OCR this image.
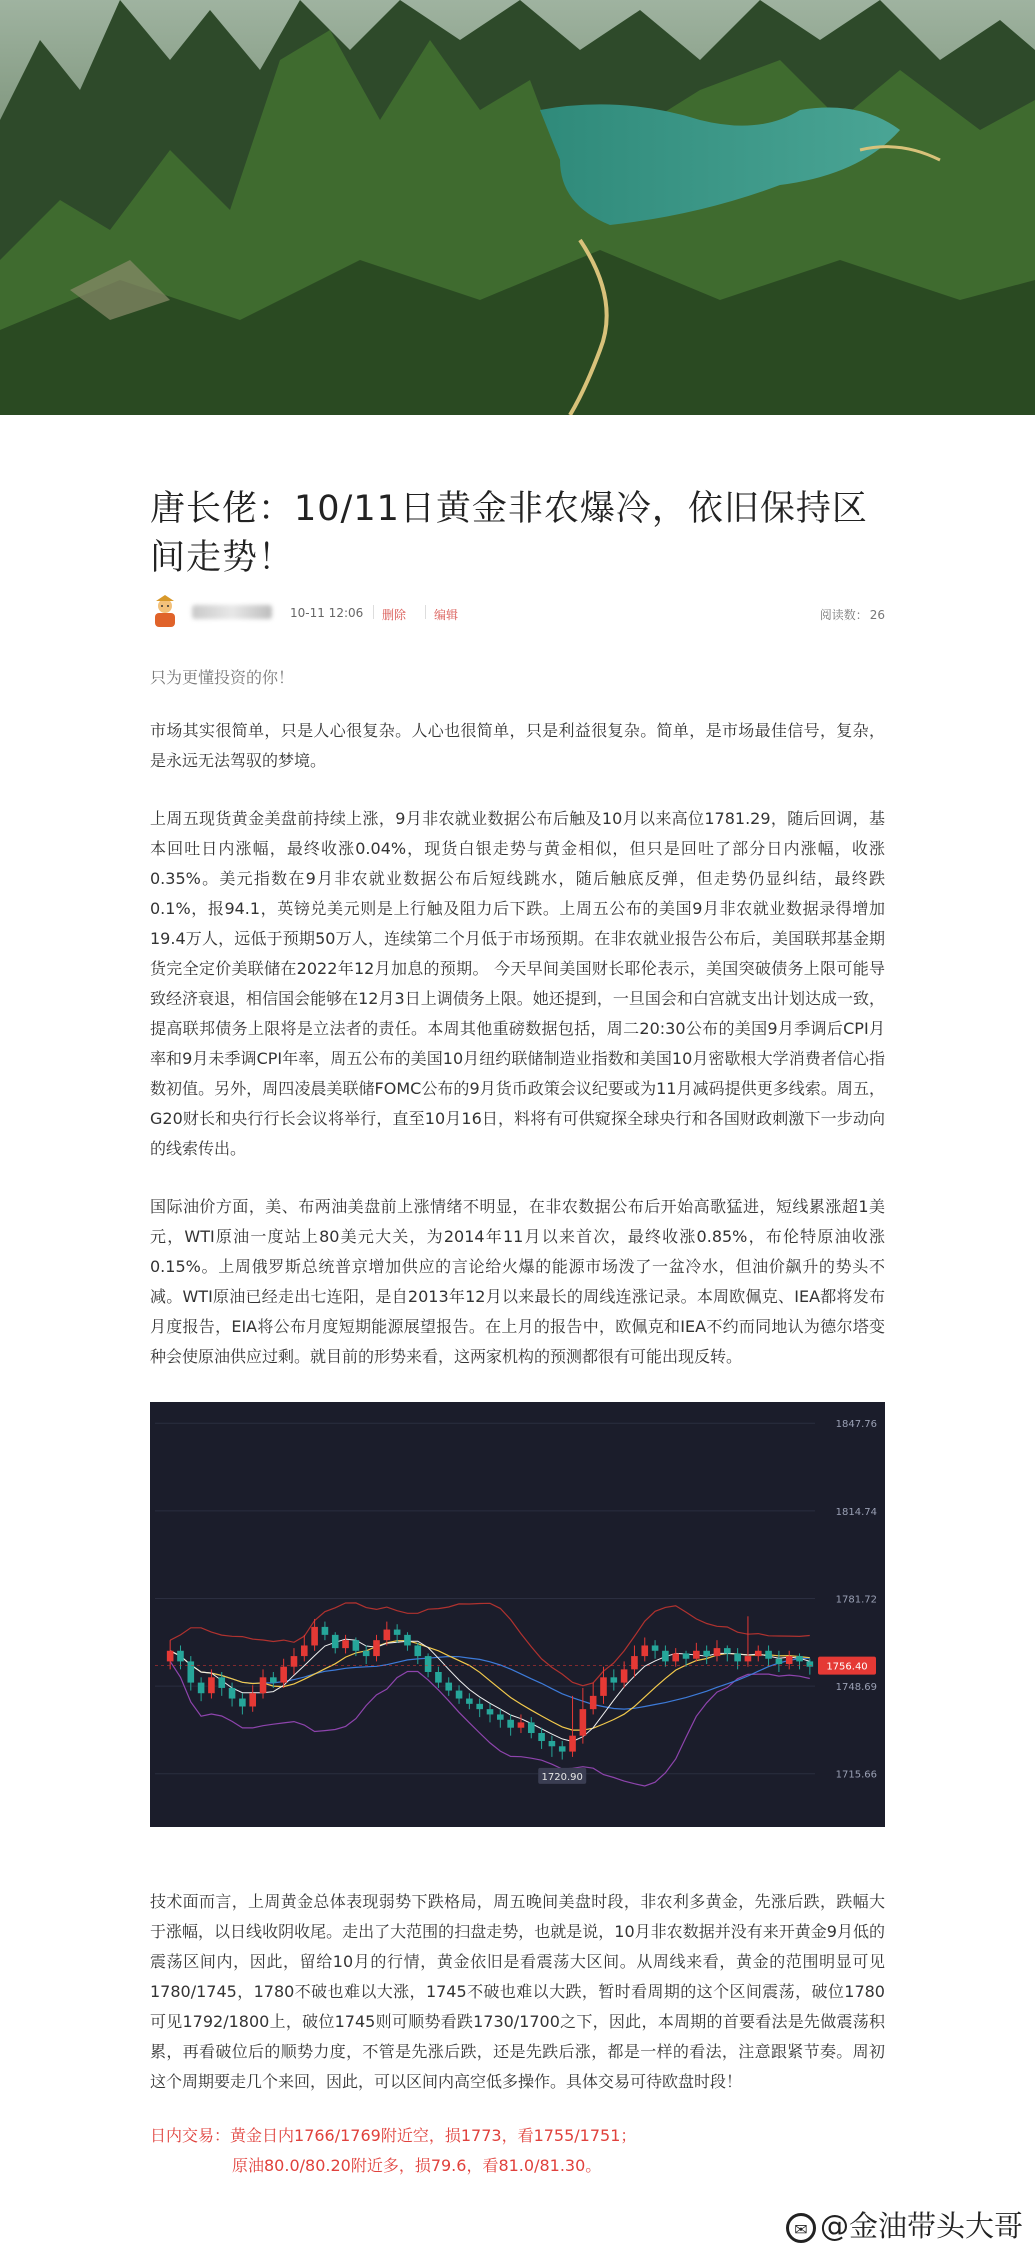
唐长佬：10/11日黄金非农爆冷，依旧保持区间走势！
10-11 12:06 删除 编辑	阅读数： 26
只为更懂投资的你！

市场其实很简单，只是人心很复杂。人心也很简单，只是利益很复杂。简单，是市场最佳信号，复杂，是永远无法驾驭的梦境。

上周五现货黄金美盘前持续上涨，9月非农就业数据公布后触及10月以来高位1781.29，随后回调，基本回吐日内涨幅，最终收涨0.04%，现货白银走势与黄金相似，但只是回吐了部分日内涨幅，收涨0.35%。美元指数在9月非农就业数据公布后短线跳水，随后触底反弹，但走势仍显纠结，最终跌0.1%，报94.1，英镑兑美元则是上行触及阻力后下跌。上周五公布的美国9月非农就业数据录得增加19.4万人，远低于预期50万人，连续第二个月低于市场预期。在非农就业报告公布后，美国联邦基金期货完全定价美联储在2022年12月加息的预期。 今天早间美国财长耶伦表示，美国突破债务上限可能导致经济衰退，相信国会能够在12月3日上调债务上限。她还提到，一旦国会和白宫就支出计划达成一致，提高联邦债务上限将是立法者的责任。本周其他重磅数据包括，周二20:30公布的美国9月季调后CPI月率和9月未季调CPI年率，周五公布的美国10月纽约联储制造业指数和美国10月密歇根大学消费者信心指数初值。另外，周四凌晨美联储FOMC公布的9月货币政策会议纪要或为11月减码提供更多线索。周五，G20财长和央行行长会议将举行，直至10月16日，料将有可供窥探全球央行和各国财政刺激下一步动向的线索传出。

国际油价方面，美、布两油美盘前上涨情绪不明显，在非农数据公布后开始高歌猛进，短线累涨超1美元，WTI原油一度站上80美元大关，为2014年11月以来首次，最终收涨0.85%，布伦特原油收涨0.15%。上周俄罗斯总统普京增加供应的言论给火爆的能源市场泼了一盆冷水，但油价飙升的势头不减。WTI原油已经走出七连阳，是自2013年12月以来最长的周线连涨记录。本周欧佩克、IEA都将发布月度报告，EIA将公布月度短期能源展望报告。在上月的报告中，欧佩克和IEA不约而同地认为德尔塔变种会使原油供应过剩。就目前的形势来看，这两家机构的预测都很有可能出现反转。

1847.76
1814.74
1781.72
1748.69
1715.66
1756.40
1720.90

技术面而言，上周黄金总体表现弱势下跌格局，周五晚间美盘时段，非农利多黄金，先涨后跌，跌幅大于涨幅，以日线收阴收尾。走出了大范围的扫盘走势，也就是说，10月非农数据并没有来开黄金9月低的震荡区间内，因此，留给10月的行情，黄金依旧是看震荡大区间。从周线来看，黄金的范围明显可见1780/1745，1780不破也难以大涨，1745不破也难以大跌，暂时看周期的这个区间震荡，破位1780可见1792/1800上，破位1745则可顺势看跌1730/1700之下，因此，本周期的首要看法是先做震荡积累，再看破位后的顺势力度，不管是先涨后跌，还是先跌后涨，都是一样的看法，注意跟紧节奏。周初这个周期要走几个来回，因此，可以区间内高空低多操作。具体交易可待欧盘时段！

日内交易：黄金日内1766/1769附近空，损1773，看1755/1751；
原油80.0/80.20附近多，损79.6，看81.0/81.30。
✉ @金油带头大哥
